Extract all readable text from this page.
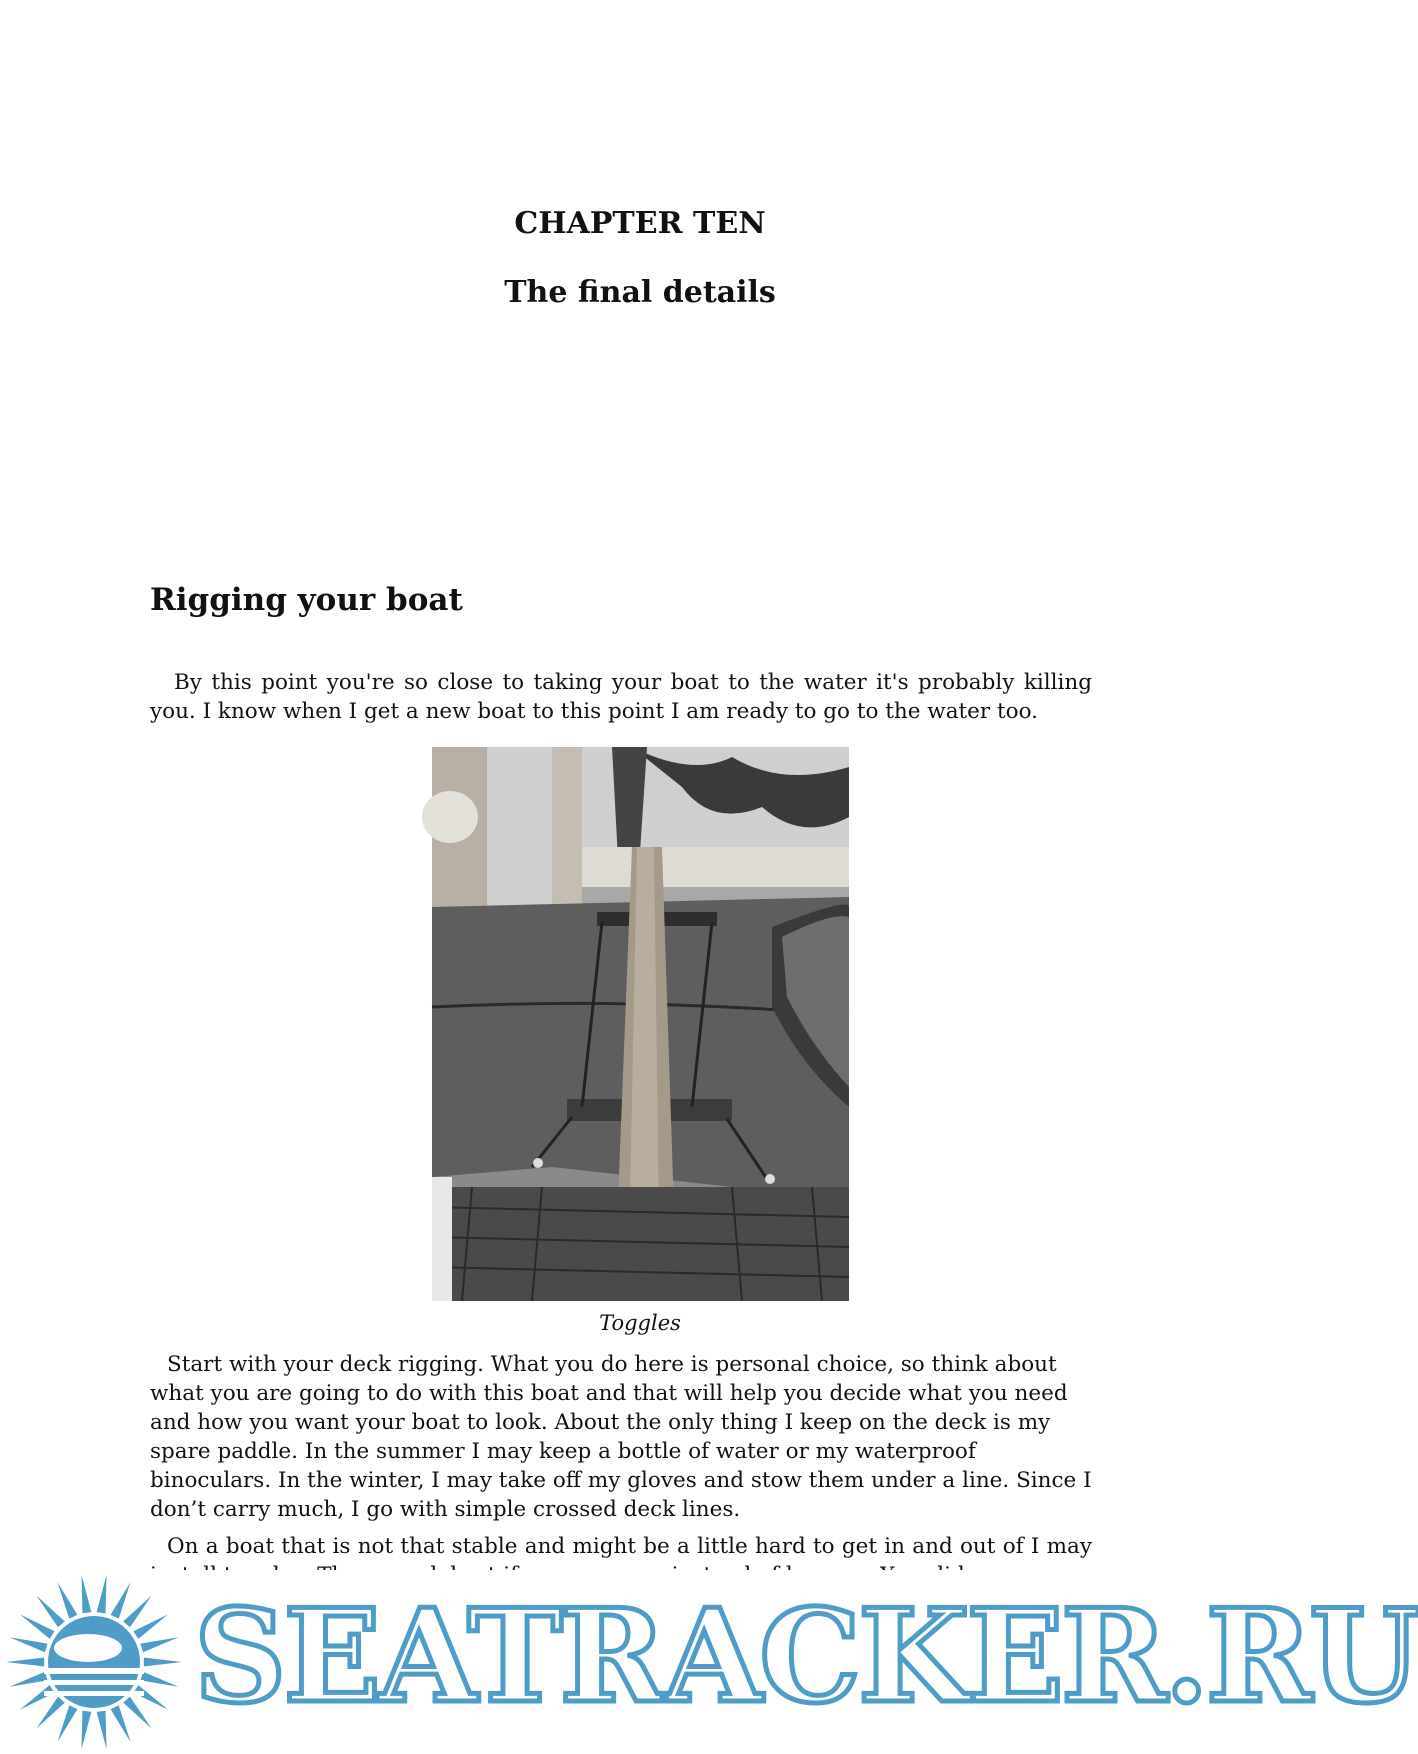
CHAPTER TEN
The final details
Rigging your boat

By this point you're so close to taking your boat to the water it's probably killing you. I know when I get a new boat to this point I am ready to go to the water too.

Toggles

Start with your deck rigging. What you do here is personal choice, so think about what you are going to do with this boat and that will help you decide what you need and how you want your boat to look. About the only thing I keep on the deck is my spare paddle. In the summer I may keep a bottle of water or my waterproof binoculars. In the winter, I may take off my gloves and stow them under a line. Since I don’t carry much, I go with simple crossed deck lines.

On a boat that is not that stable and might be a little hard to get in and out of I may

SEATRACKER.RU
